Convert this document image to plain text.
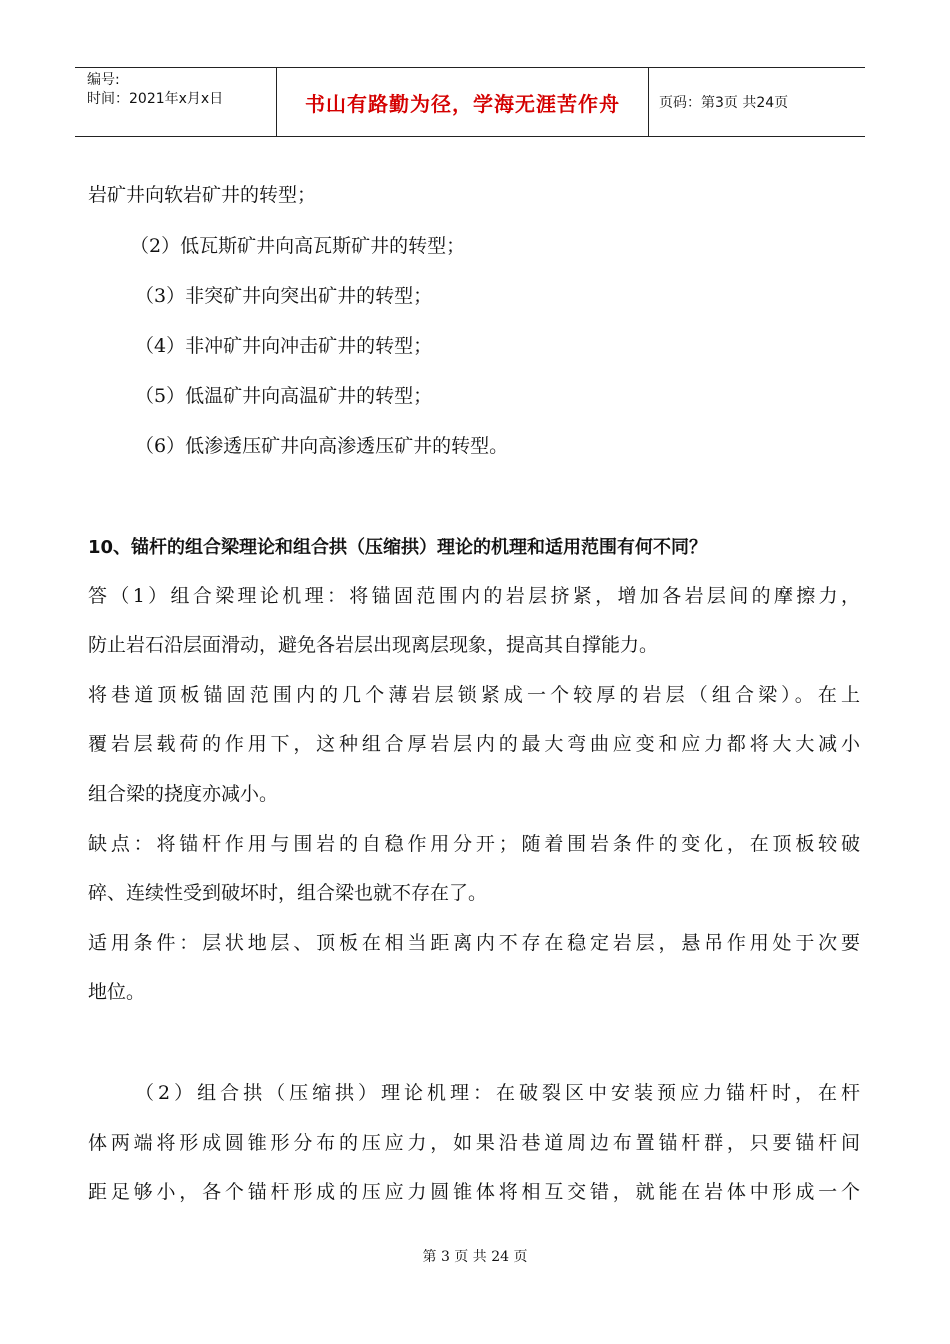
编号:
时间：2021年x月x日	书山有路勤为径，学海无涯苦作舟	页码：第3页 共24页
岩矿井向软岩矿井的转型；
（2）低瓦斯矿井向高瓦斯矿井的转型；
（3）非突矿井向突出矿井的转型；
（4）非冲矿井向冲击矿井的转型；
（5）低温矿井向高温矿井的转型；
（6）低渗透压矿井向高渗透压矿井的转型。
10、锚杆的组合梁理论和组合拱（压缩拱）理论的机理和适用范围有何不同？
答（1）组合梁理论机理：将锚固范围内的岩层挤紧，增加各岩层间的摩擦力，
防止岩石沿层面滑动，避免各岩层出现离层现象，提高其自撑能力。
将巷道顶板锚固范围内的几个薄岩层锁紧成一个较厚的岩层（组合梁）。在上
覆岩层载荷的作用下，这种组合厚岩层内的最大弯曲应变和应力都将大大减小
组合梁的挠度亦减小。
缺点：将锚杆作用与围岩的自稳作用分开；随着围岩条件的变化，在顶板较破
碎、连续性受到破坏时，组合梁也就不存在了。
适用条件：层状地层、顶板在相当距离内不存在稳定岩层，悬吊作用处于次要
地位。
（2）组合拱（压缩拱）理论机理：在破裂区中安装预应力锚杆时，在杆
体两端将形成圆锥形分布的压应力，如果沿巷道周边布置锚杆群，只要锚杆间
距足够小，各个锚杆形成的压应力圆锥体将相互交错，就能在岩体中形成一个
第 3 页 共 24 页
